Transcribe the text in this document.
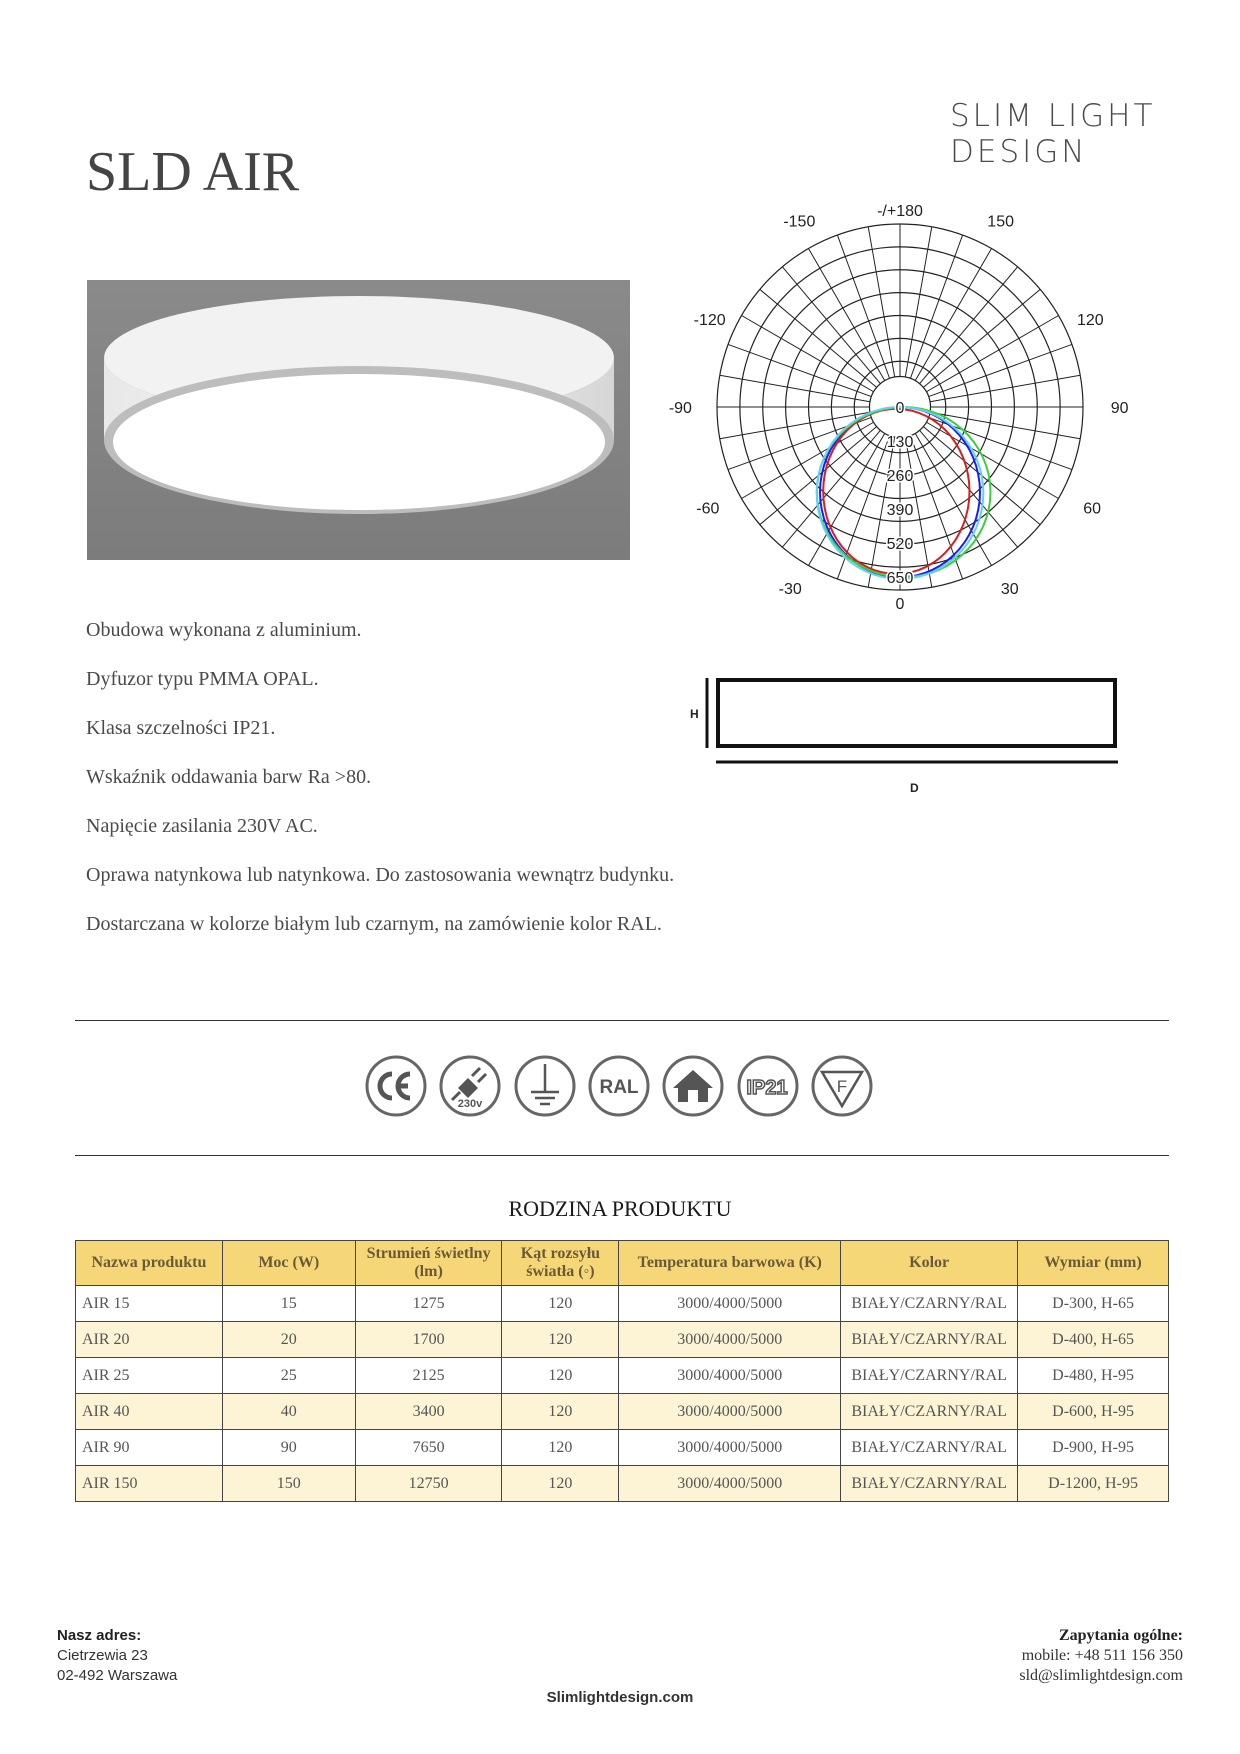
SLIM LIGHT DESIGN
SLD AIR
-150	150
-120	120
-90	90
-60	60
-30	30
0
-/+180
0
130
260
390
520
650

Obudowa wykonana z aluminium.

Dyfuzor typu PMMA OPAL.

Klasa szczelności IP21.

Wskaźnik oddawania barw Ra >80.

Napięcie zasilania 230V AC.

Oprawa natynkowa lub natynkowa. Do zastosowania wewnątrz budynku.

Dostarczana w kolorze białym lub czarnym, na zamówienie kolor RAL.

H
D
230v
RAL	IP21	F
RODZINA PRODUKTU
Nazwa produktu	Moc (W)	Strumień świetlny (lm)	Kąt rozsyłu światła (◦)	Temperatura barwowa (K)	Kolor	Wymiar (mm)
AIR 15	15	1275	120	3000/4000/5000	BIAŁY/CZARNY/RAL	D-300, H-65
AIR 20	20	1700	120	3000/4000/5000	BIAŁY/CZARNY/RAL	D-400, H-65
AIR 25	25	2125	120	3000/4000/5000	BIAŁY/CZARNY/RAL	D-480, H-95
AIR 40	40	3400	120	3000/4000/5000	BIAŁY/CZARNY/RAL	D-600, H-95
AIR 90	90	7650	120	3000/4000/5000	BIAŁY/CZARNY/RAL	D-900, H-95
AIR 150	150	12750	120	3000/4000/5000	BIAŁY/CZARNY/RAL	D-1200, H-95
Nasz adres:
Cietrzewia 23
02-492 Warszawa
Zapytania ogólne:
mobile: +48 511 156 350
sld@slimlightdesign.com
Slimlightdesign.com
